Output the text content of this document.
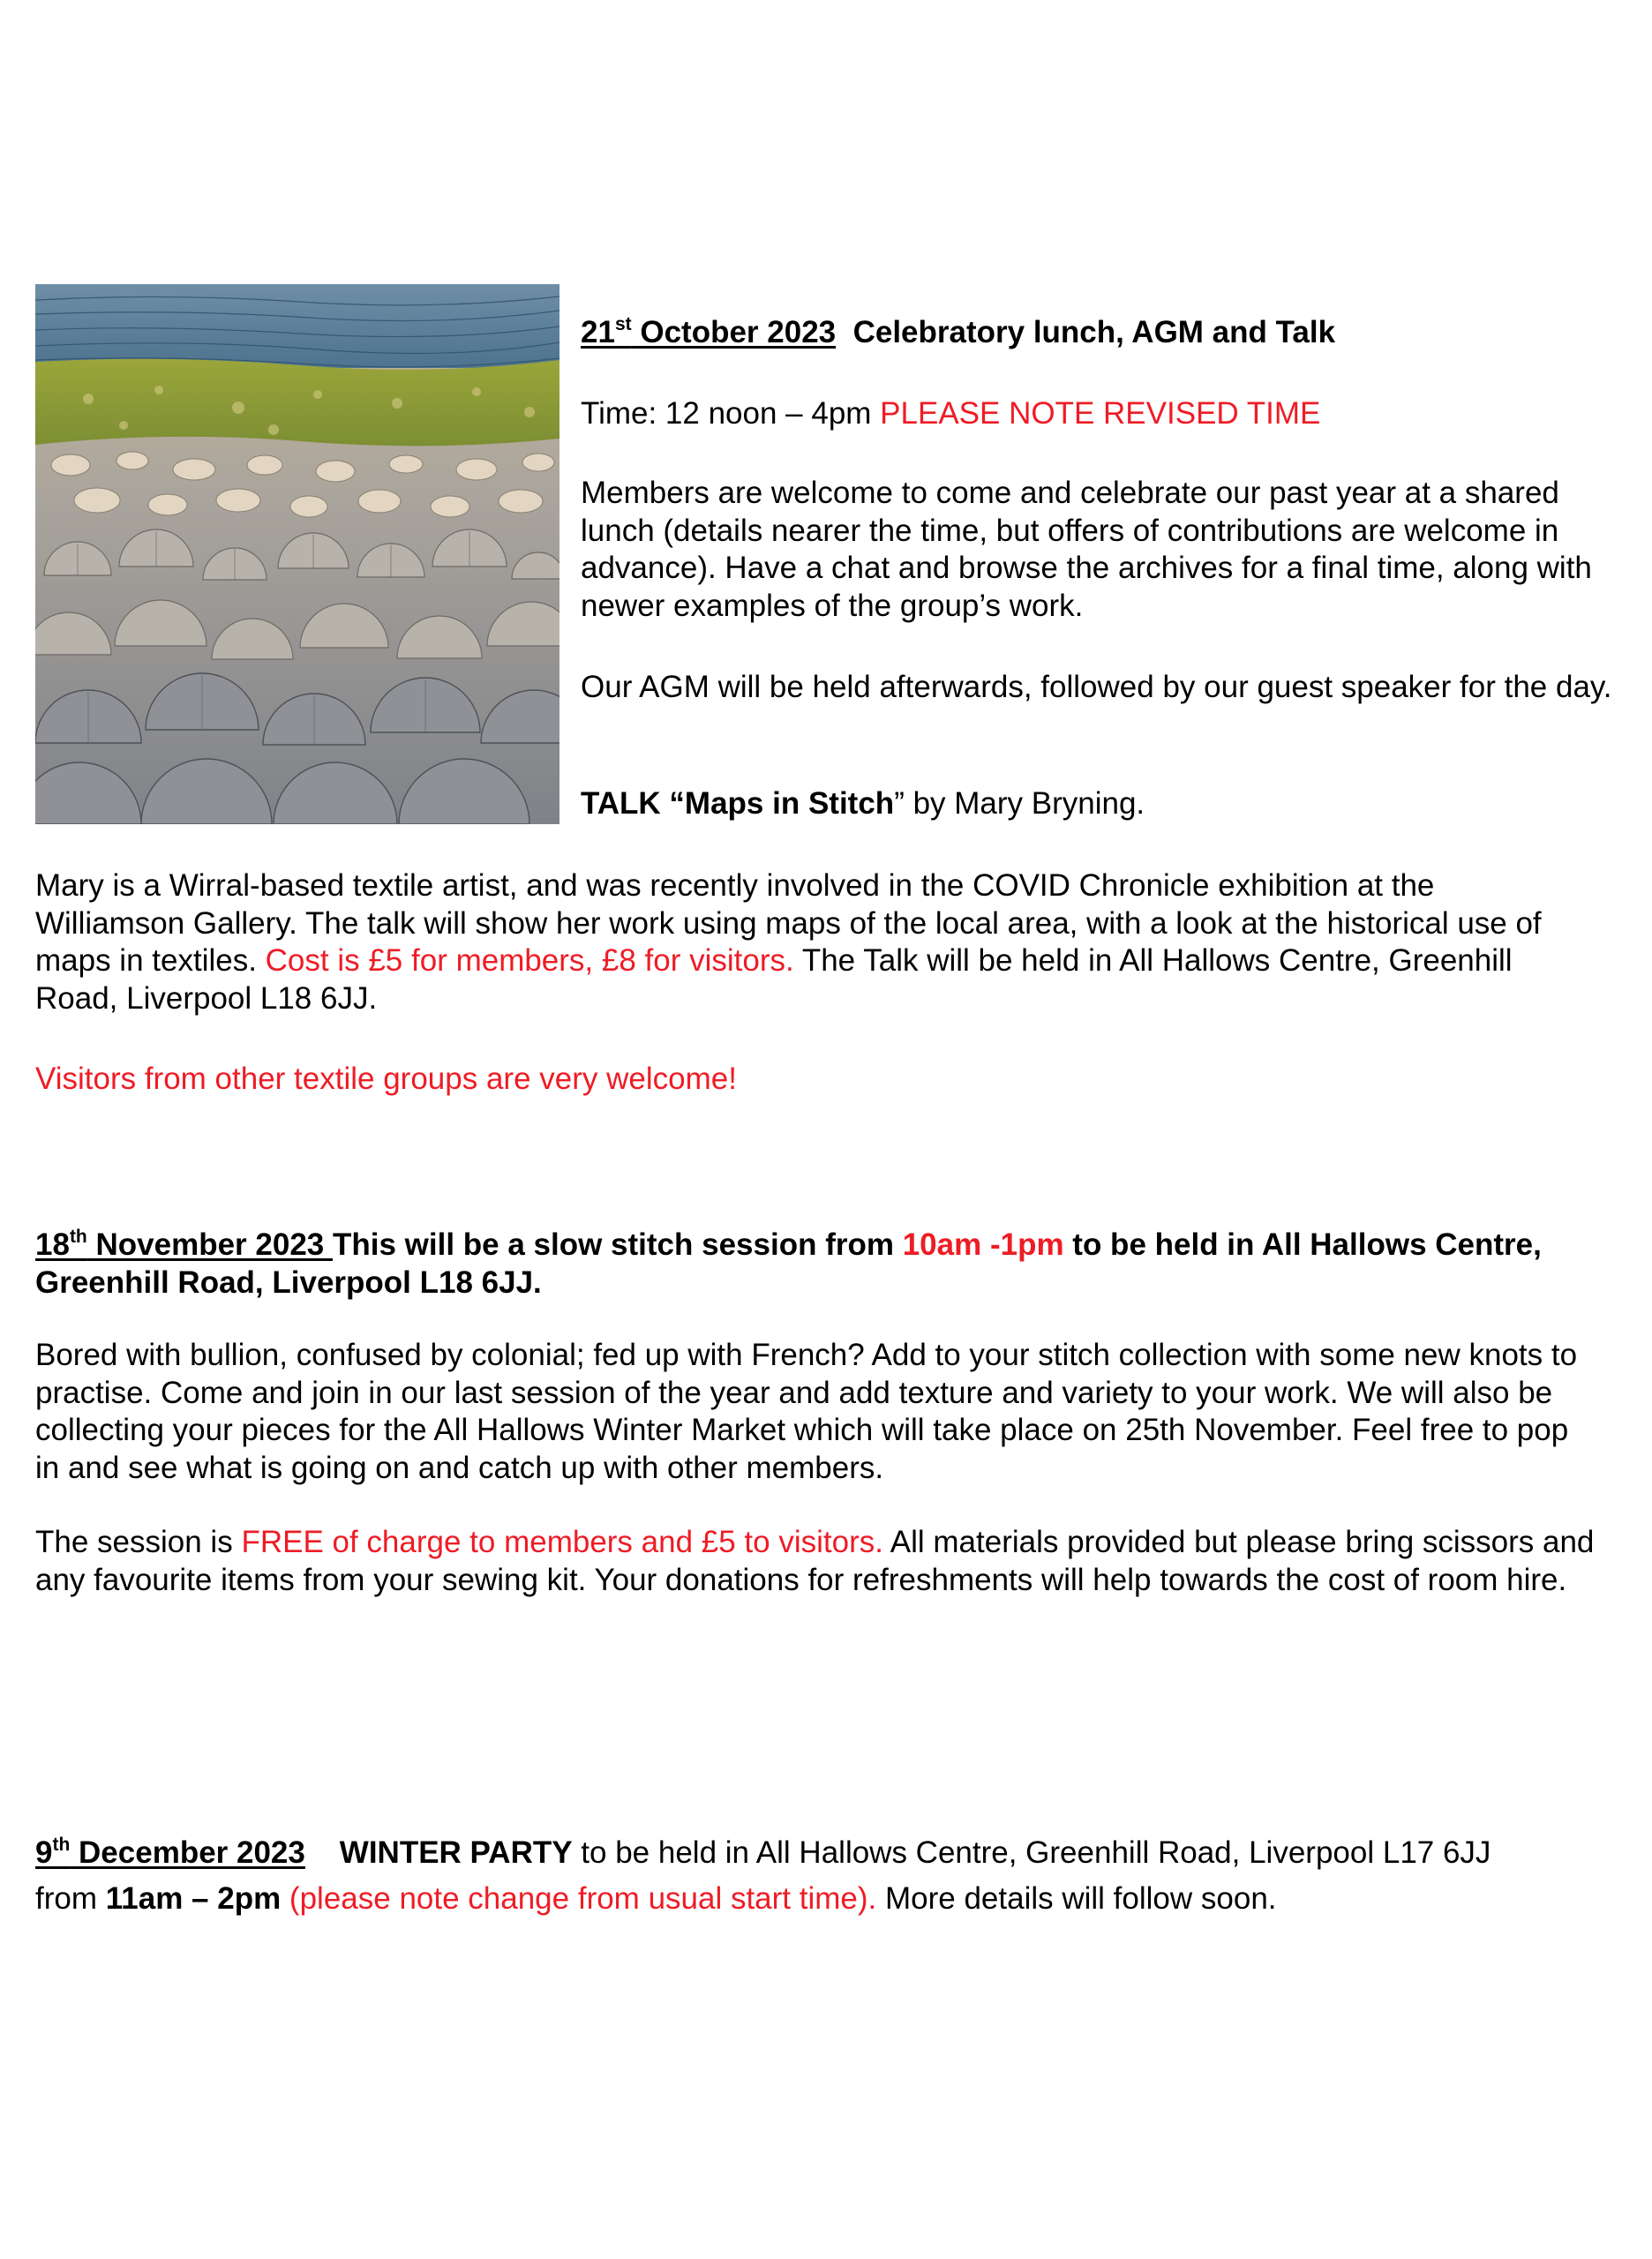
21st October 2023 Celebratory lunch, AGM and Talk

Time: 12 noon – 4pm PLEASE NOTE REVISED TIME

Members are welcome to come and celebrate our past year at a shared lunch (details nearer the time, but offers of contributions are welcome in advance). Have a chat and browse the archives for a final time, along with newer examples of the group’s work.

Our AGM will be held afterwards, followed by our guest speaker for the day.

TALK “Maps in Stitch” by Mary Bryning.

Mary is a Wirral-based textile artist, and was recently involved in the COVID Chronicle exhibition at the Williamson Gallery. The talk will show her work using maps of the local area, with a look at the historical use of maps in textiles. Cost is £5 for members, £8 for visitors. The Talk will be held in All Hallows Centre, Greenhill Road, Liverpool L18 6JJ.

Visitors from other textile groups are very welcome!

18th November 2023 This will be a slow stitch session from 10am -1pm to be held in All Hallows Centre, Greenhill Road, Liverpool L18 6JJ.

Bored with bullion, confused by colonial; fed up with French? Add to your stitch collection with some new knots to practise. Come and join in our last session of the year and add texture and variety to your work. We will also be collecting your pieces for the All Hallows Winter Market which will take place on 25th November. Feel free to pop in and see what is going on and catch up with other members.

The session is FREE of charge to members and £5 to visitors. All materials provided but please bring scissors and any favourite items from your sewing kit. Your donations for refreshments will help towards the cost of room hire.

9th December 2023 WINTER PARTY to be held in All Hallows Centre, Greenhill Road, Liverpool L17 6JJ
from 11am – 2pm (please note change from usual start time). More details will follow soon.
